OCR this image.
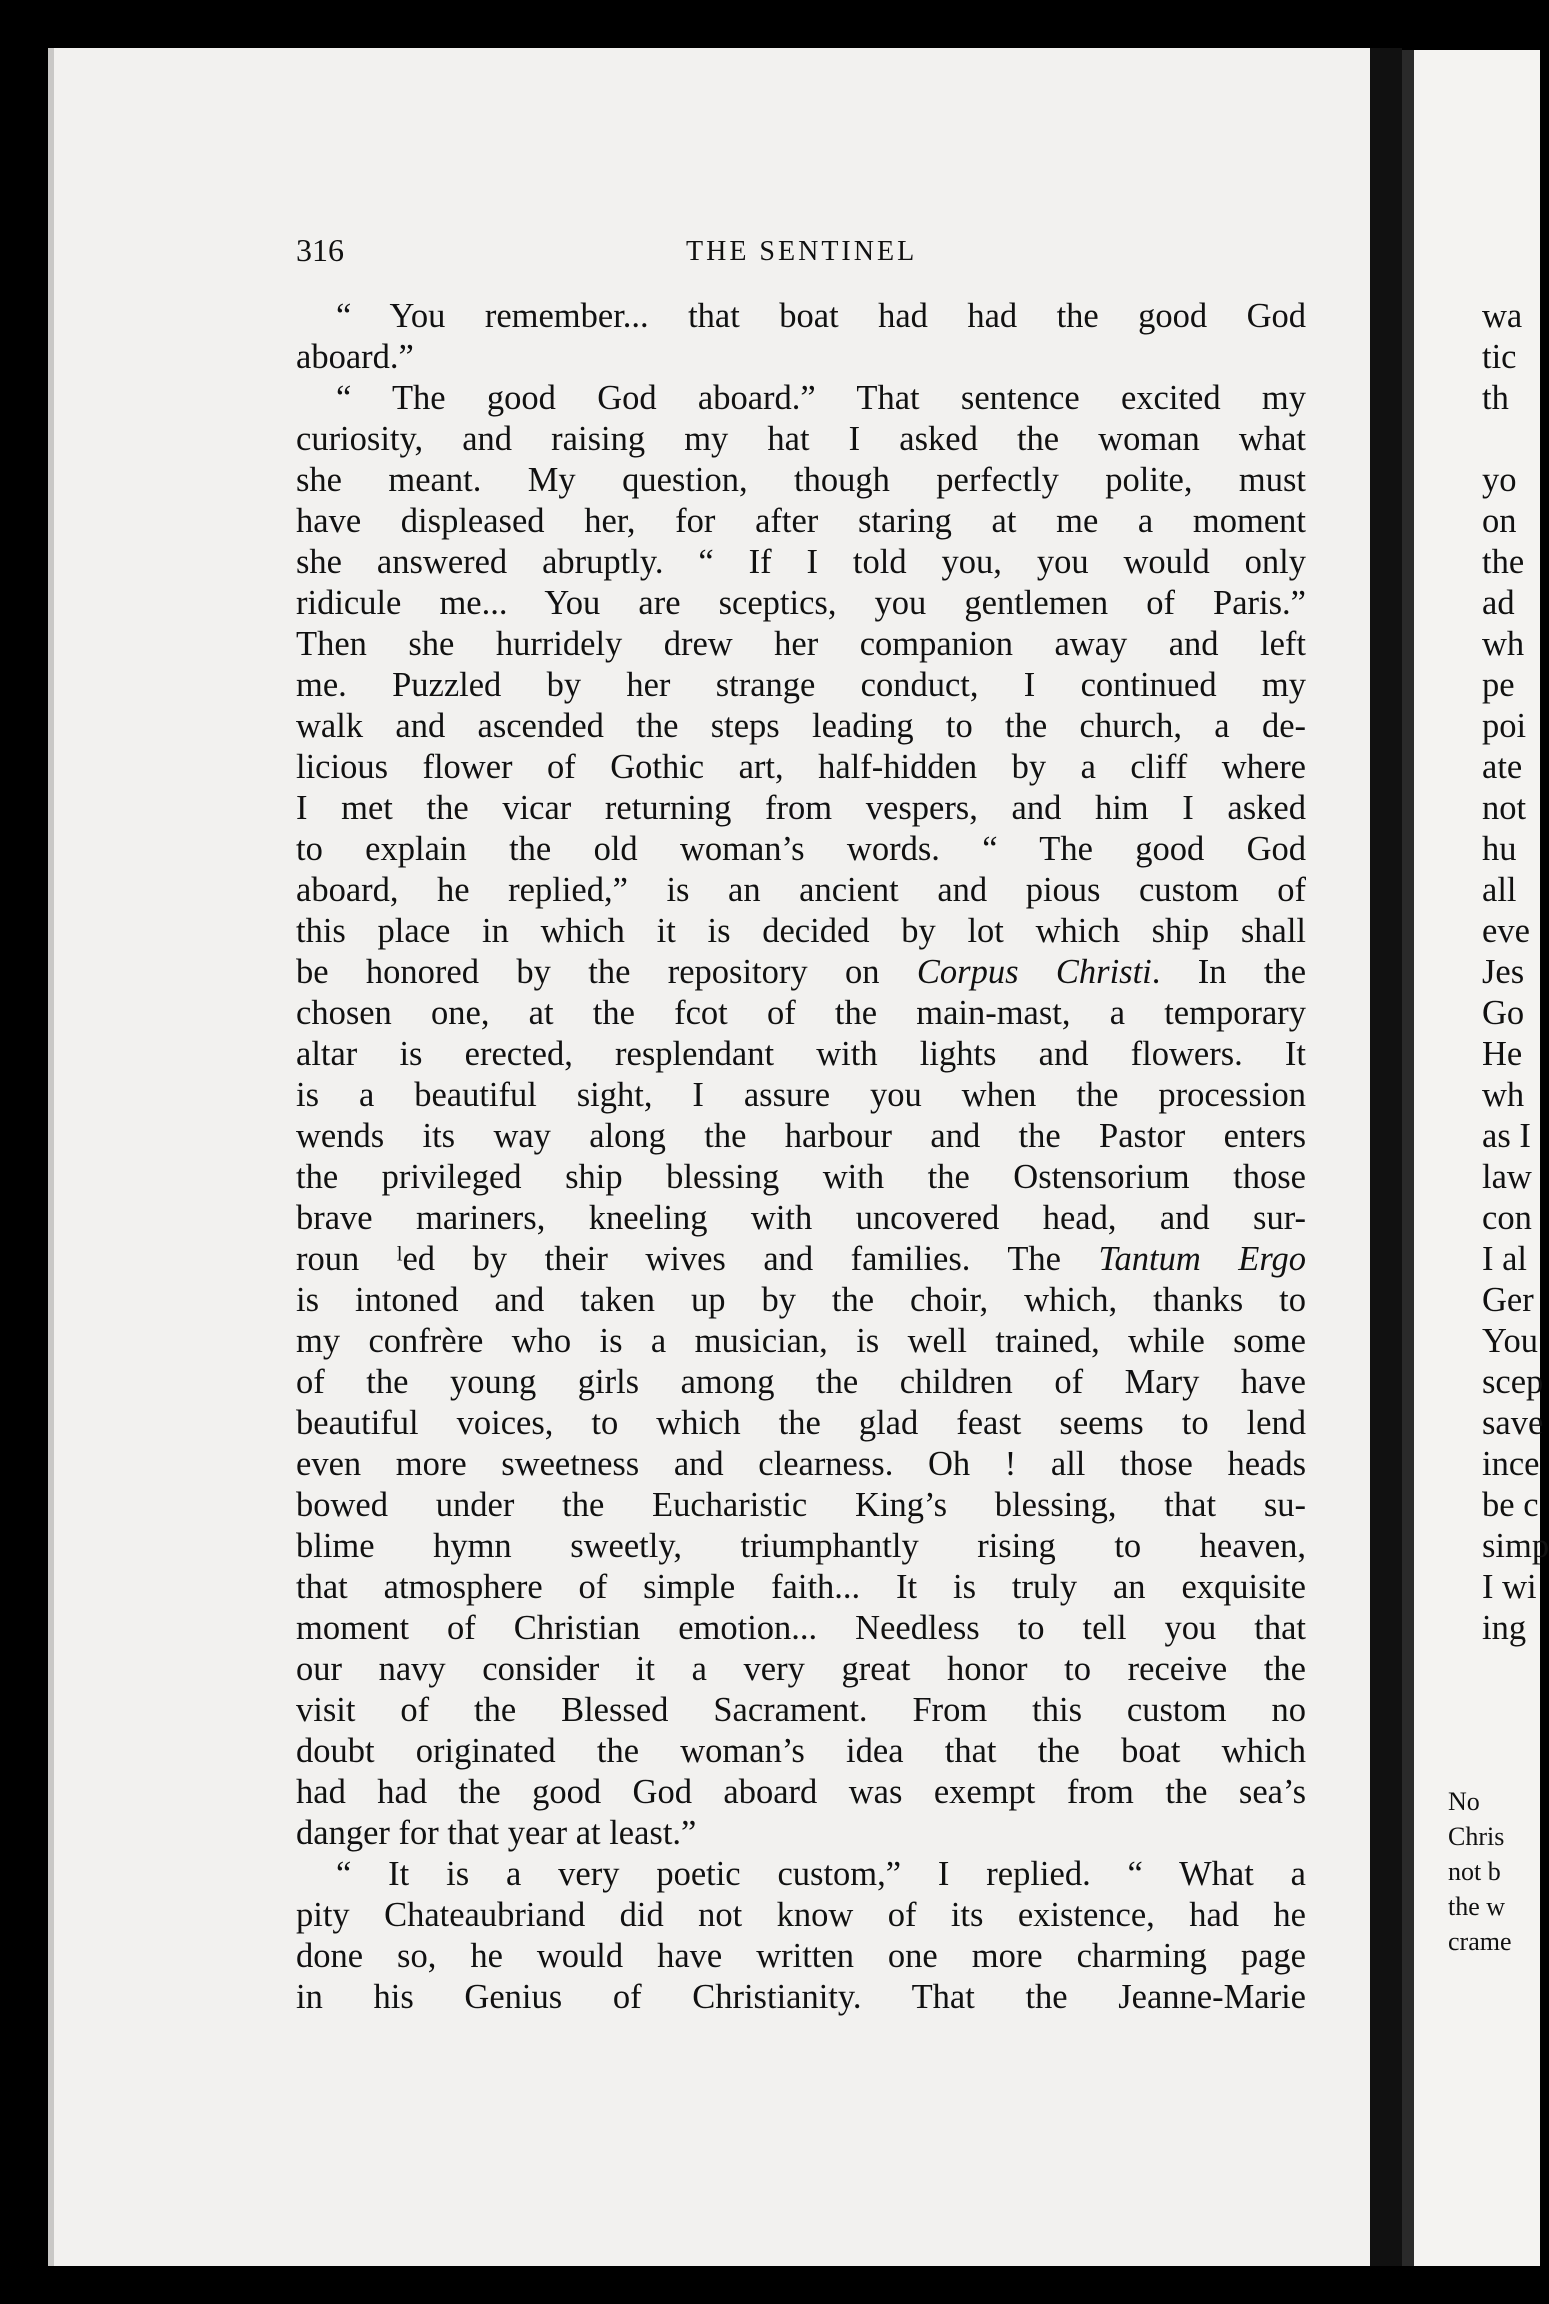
316	THE SENTINEL
“ You remember... that boat had had the good God
aboard.”
“ The good God aboard.” That sentence excited my
curiosity, and raising my hat I asked the woman what
she meant. My question, though perfectly polite, must
have displeased her, for after staring at me a moment
she answered abruptly. “ If I told you, you would only
ridicule me... You are sceptics, you gentlemen of Paris.”
Then she hurridely drew her companion away and left
me. Puzzled by her strange conduct, I continued my
walk and ascended the steps leading to the church, a de-
licious flower of Gothic art, half-hidden by a cliff where
I met the vicar returning from vespers, and him I asked
to explain the old woman’s words. “ The good God
aboard, he replied,” is an ancient and pious custom of
this place in which it is decided by lot which ship shall
be honored by the repository on Corpus Christi. In the
chosen one, at the fcot of the main-mast, a temporary
altar is erected, resplendant with lights and flowers. It
is a beautiful sight, I assure you when the procession
wends its way along the harbour and the Pastor enters
the privileged ship blessing with the Ostensorium those
brave mariners, kneeling with uncovered head, and sur-
roun ˡed by their wives and families. The Tantum Ergo
is intoned and taken up by the choir, which, thanks to
my confrère who is a musician, is well trained, while some
of the young girls among the children of Mary have
beautiful voices, to which the glad feast seems to lend
even more sweetness and clearness. Oh ! all those heads
bowed under the Eucharistic King’s blessing, that su-
blime hymn sweetly, triumphantly rising to heaven,
that atmosphere of simple faith... It is truly an exquisite
moment of Christian emotion... Needless to tell you that
our navy consider it a very great honor to receive the
visit of the Blessed Sacrament. From this custom no
doubt originated the woman’s idea that the boat which
had had the good God aboard was exempt from the sea’s
danger for that year at least.”
“ It is a very poetic custom,” I replied. “ What a
pity Chateaubriand did not know of its existence, had he
done so, he would have written one more charming page
in his Genius of Christianity. That the Jeanne-Marie
wa
tic
th
yo
on
the
ad
wh
pe
poi
ate
not
hu
all
eve
Jes
Go
He
wh
as I
law
con
I al
Ger
You
scep
save
ince
be c
simp
I wi
ing
No
Chris
not b
the w
crame
